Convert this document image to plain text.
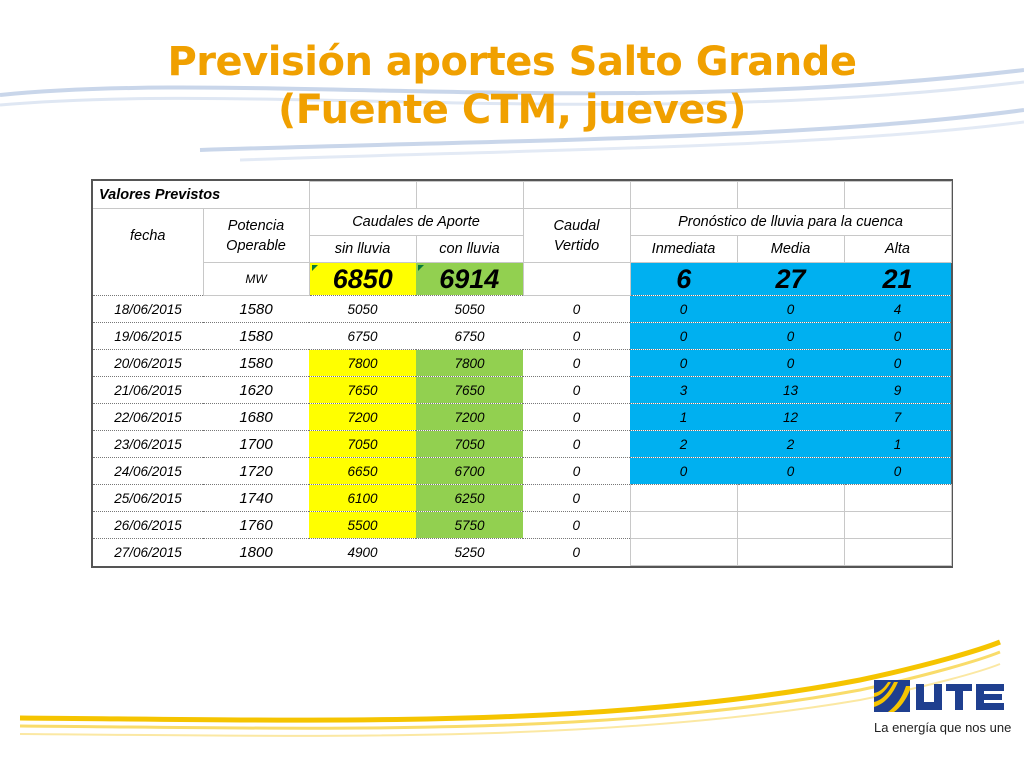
Previsión aportes Salto Grande
(Fuente CTM, jueves)
Valores Previstos							
fecha	Potencia Operable	Caudales de Aporte		Caudal Vertido	Pronóstico de lluvia para la cuenca		
		sin lluvia	con lluvia		Inmediata	Media	Alta
	MW	6850	6914		6	27	21
18/06/2015	1580	5050	5050	0	0	0	4
19/06/2015	1580	6750	6750	0	0	0	0
20/06/2015	1580	7800	7800	0	0	0	0
21/06/2015	1620	7650	7650	0	3	13	9
22/06/2015	1680	7200	7200	0	1	12	7
23/06/2015	1700	7050	7050	0	2	2	1
24/06/2015	1720	6650	6700	0	0	0	0
25/06/2015	1740	6100	6250	0			
26/06/2015	1760	5500	5750	0			
27/06/2015	1800	4900	5250	0			
La energía que nos une
